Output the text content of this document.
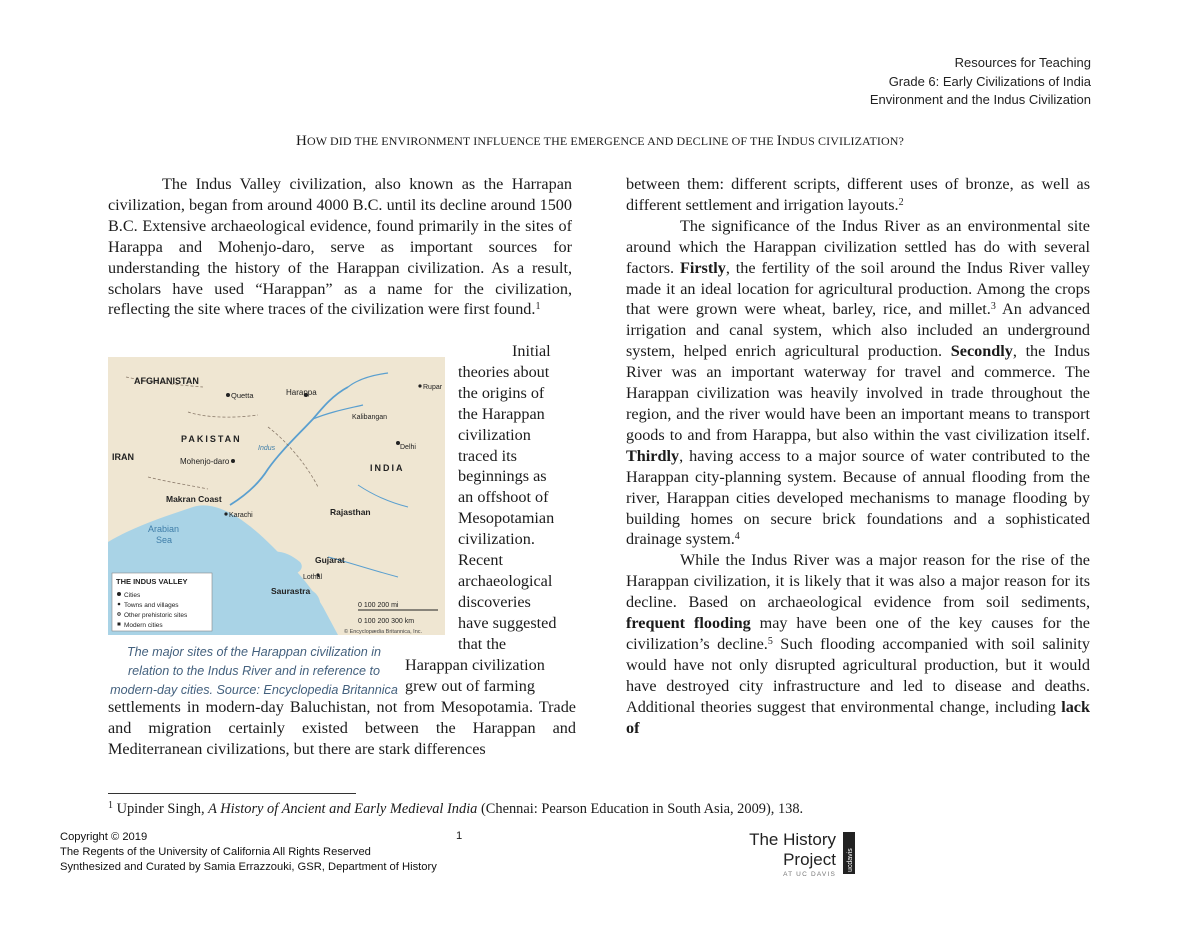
Resources for Teaching
Grade 6: Early Civilizations of India
Environment and the Indus Civilization
HOW DID THE ENVIRONMENT INFLUENCE THE EMERGENCE AND DECLINE OF THE INDUS CIVILIZATION?

The Indus Valley civilization, also known as the Harrapan civilization, began from around 4000 B.C. until its decline around 1500 B.C. Extensive archaeological evidence, found primarily in the sites of Harappa and Mohenjo-daro, serve as important sources for understanding the history of the Harappan civilization. As a result, scholars have used “Harappan” as a name for the civilization, reflecting the site where traces of the civilization were first found.$^1$

AFGHANISTAN
PAKISTAN
IRAN
INDIA
Makran Coast
Rajasthan
Gujarat
Saurastra
Arabian
Sea
Harappa
Mohenjo-daro
Quetta
Karachi
Delhi
Indus
Lothal
Rupar
Kalibangan
THE INDUS VALLEY
Cities
Towns and villages
Other prehistoric sites
Modern cities
0 100 200 mi
0 100 200 300 km
© Encyclopædia Britannica, Inc.
Initial
theories about
the origins of
the Harappan
civilization
traced its
beginnings as
an offshoot of
Mesopotamian
civilization.
Recent
archaeological
discoveries
have suggested
that the
The major sites of the Harappan civilization in relation to the Indus River and in reference to modern-day cities. Source: Encyclopedia Britannica
Harappan civilization
grew out of farming
settlements in modern-day Baluchistan, not from Mesopotamia. Trade and migration certainly existed between the Harappan and Mediterranean civilizations, but there are stark differences

between them: different scripts, different uses of bronze, as well as different settlement and irrigation layouts.$^2$

The significance of the Indus River as an environmental site around which the Harappan civilization settled has do with several factors. Firstly, the fertility of the soil around the Indus River valley made it an ideal location for agricultural production. Among the crops that were grown were wheat, barley, rice, and millet.$^3$ An advanced irrigation and canal system, which also included an underground system, helped enrich agricultural production. Secondly, the Indus River was an important waterway for travel and commerce. The Harappan civilization was heavily involved in trade throughout the region, and the river would have been an important means to transport goods to and from Harappa, but also within the vast civilization itself. Thirdly, having access to a major source of water contributed to the Harappan city-planning system. Because of annual flooding from the river, Harappan cities developed mechanisms to manage flooding by building homes on secure brick foundations and a sophisticated drainage system.$^4$

While the Indus River was a major reason for the rise of the Harappan civilization, it is likely that it was also a major reason for its decline. Based on archaeological evidence from soil sediments, frequent flooding may have been one of the key causes for the civilization’s decline.$^5$ Such flooding accompanied with soil salinity would have not only disrupted agricultural production, but it would have destroyed city infrastructure and led to disease and deaths. Additional theories suggest that environmental change, including lack of

$^1$ Upinder Singh, A History of Ancient and Early Medieval India (Chennai: Pearson Education in South Asia, 2009), 138.
Copyright © 2019
The Regents of the University of California All Rights Reserved
Synthesized and Curated by Samia Errazzouki, GSR, Department of History
1	The History
Project
AT UC DAVIS
ucdavis
